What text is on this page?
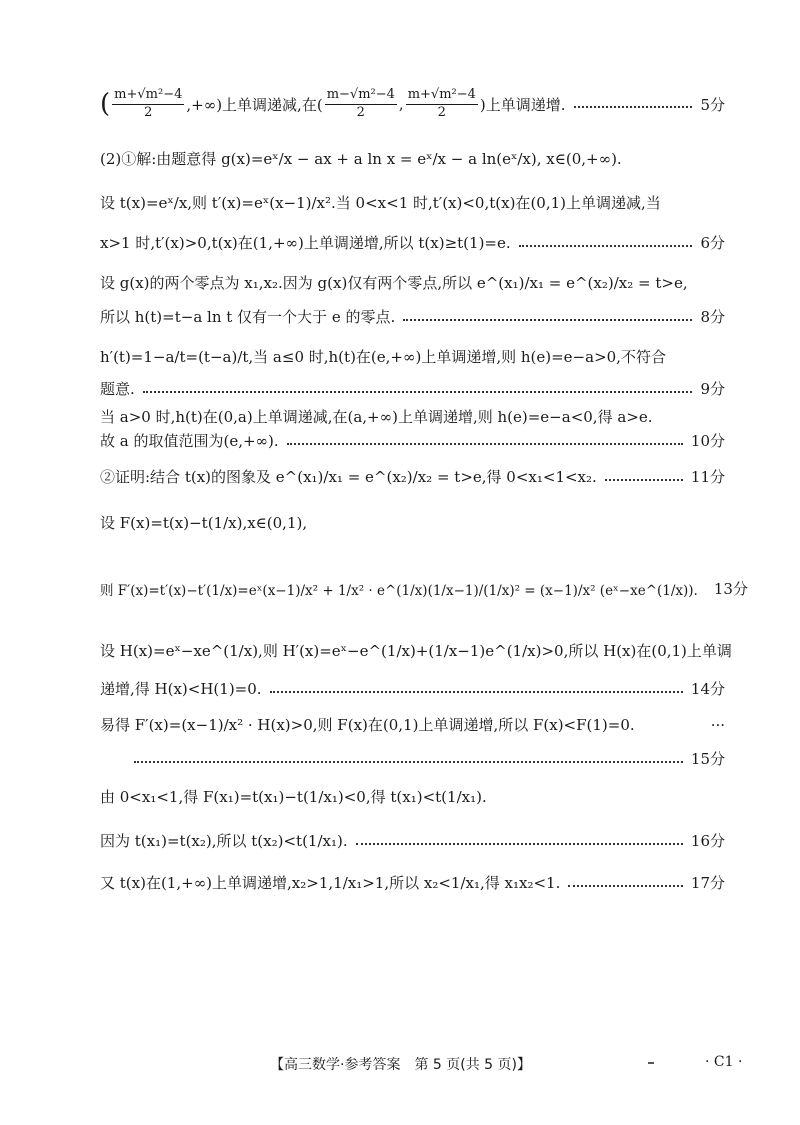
( $\frac{\text{m+√m²−4}}{2}$ ,+∞)上单调递减,在( $\frac{\text{m−√m²−4}}{2}$ , $\frac{\text{m+√m²−4}}{2}$ )上单调递增.	5分
(2)①解:由题意得 g(x)=eˣ/x − ax + a ln x = eˣ/x − a ln(eˣ/x), x∈(0,+∞).
设 t(x)=eˣ/x,则 t′(x)=eˣ(x−1)/x².当 0<x<1 时,t′(x)<0,t(x)在(0,1)上单调递减,当
x>1 时,t′(x)>0,t(x)在(1,+∞)上单调递增,所以 t(x)≥t(1)=e.	6分
设 g(x)的两个零点为 x₁,x₂.因为 g(x)仅有两个零点,所以 e^(x₁)/x₁ = e^(x₂)/x₂ = t>e,
所以 h(t)=t−a ln t 仅有一个大于 e 的零点.	8分
h′(t)=1−a/t=(t−a)/t,当 a≤0 时,h(t)在(e,+∞)上单调递增,则 h(e)=e−a>0,不符合
题意.	9分
当 a>0 时,h(t)在(0,a)上单调递减,在(a,+∞)上单调递增,则 h(e)=e−a<0,得 a>e.
故 a 的取值范围为(e,+∞).	10分
②证明:结合 t(x)的图象及 e^(x₁)/x₁ = e^(x₂)/x₂ = t>e,得 0<x₁<1<x₂.	11分
设 F(x)=t(x)−t(1/x),x∈(0,1),
则 F′(x)=t′(x)−t′(1/x)=eˣ(x−1)/x² + 1/x² · e^(1/x)(1/x−1)/(1/x)² = (x−1)/x² (eˣ−xe^(1/x)). 13分
设 H(x)=eˣ−xe^(1/x),则 H′(x)=eˣ−e^(1/x)+(1/x−1)e^(1/x)>0,所以 H(x)在(0,1)上单调
递增,得 H(x)<H(1)=0.	14分
易得 F′(x)=(x−1)/x² · H(x)>0,则 F(x)在(0,1)上单调递增,所以 F(x)<F(1)=0.	···
15分
由 0<x₁<1,得 F(x₁)=t(x₁)−t(1/x₁)<0,得 t(x₁)<t(1/x₁).
因为 t(x₁)=t(x₂),所以 t(x₂)<t(1/x₁).	16分
又 t(x)在(1,+∞)上单调递增,x₂>1,1/x₁>1,所以 x₂<1/x₁,得 x₁x₂<1.	17分
【高三数学·参考答案　第 5 页(共 5 页)】	· C1 ·
